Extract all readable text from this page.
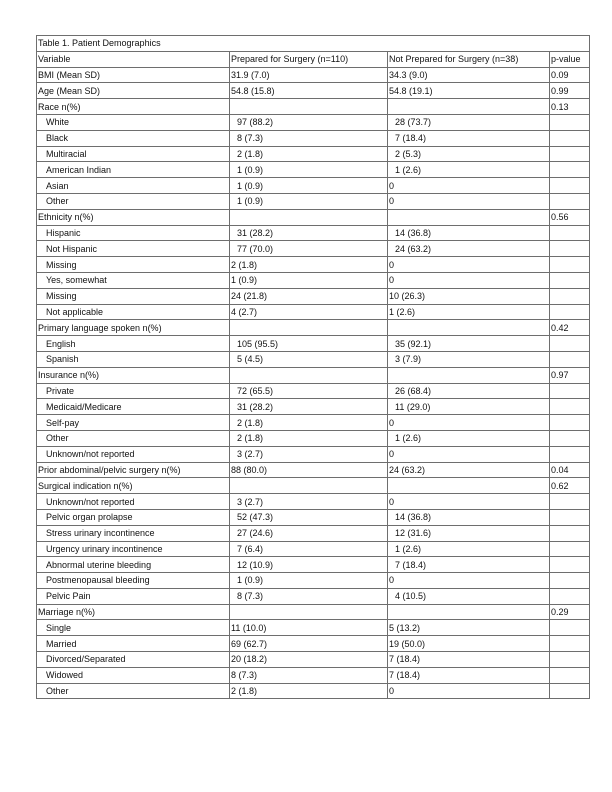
Table 1. Patient Demographics			
Variable	Prepared for Surgery (n=110)	Not Prepared for Surgery (n=38)	p-value
BMI (Mean SD)	31.9 (7.0)	34.3 (9.0)	0.09
Age (Mean SD)	54.8 (15.8)	54.8 (19.1)	0.99
Race n(%)			0.13
White	97 (88.2)	28 (73.7)	
Black	8 (7.3)	7 (18.4)	
Multiracial	2 (1.8)	2 (5.3)	
American Indian	1 (0.9)	1 (2.6)	
Asian	1 (0.9)	0	
Other	1 (0.9)	0	
Ethnicity n(%)			0.56
Hispanic	31 (28.2)	14 (36.8)	
Not Hispanic	77 (70.0)	24 (63.2)	
Missing	2 (1.8)	0	
Yes, somewhat	1 (0.9)	0	
Missing	24 (21.8)	10 (26.3)	
Not applicable	4 (2.7)	1 (2.6)	
Primary language spoken n(%)			0.42
English	105 (95.5)	35 (92.1)	
Spanish	5 (4.5)	3 (7.9)	
Insurance n(%)			0.97
Private	72 (65.5)	26 (68.4)	
Medicaid/Medicare	31 (28.2)	11 (29.0)	
Self-pay	2 (1.8)	0	
Other	2 (1.8)	1 (2.6)	
Unknown/not reported	3 (2.7)	0	
Prior abdominal/pelvic surgery n(%)	88 (80.0)	24 (63.2)	0.04
Surgical indication n(%)			0.62
Unknown/not reported	3 (2.7)	0	
Pelvic organ prolapse	52 (47.3)	14 (36.8)	
Stress urinary incontinence	27 (24.6)	12 (31.6)	
Urgency urinary incontinence	7 (6.4)	1 (2.6)	
Abnormal uterine bleeding	12 (10.9)	7 (18.4)	
Postmenopausal bleeding	1 (0.9)	0	
Pelvic Pain	8 (7.3)	4 (10.5)	
Marriage n(%)			0.29
Single	11 (10.0)	5 (13.2)	
Married	69 (62.7)	19 (50.0)	
Divorced/Separated	20 (18.2)	7 (18.4)	
Widowed	8 (7.3)	7 (18.4)	
Other	2 (1.8)	0	
